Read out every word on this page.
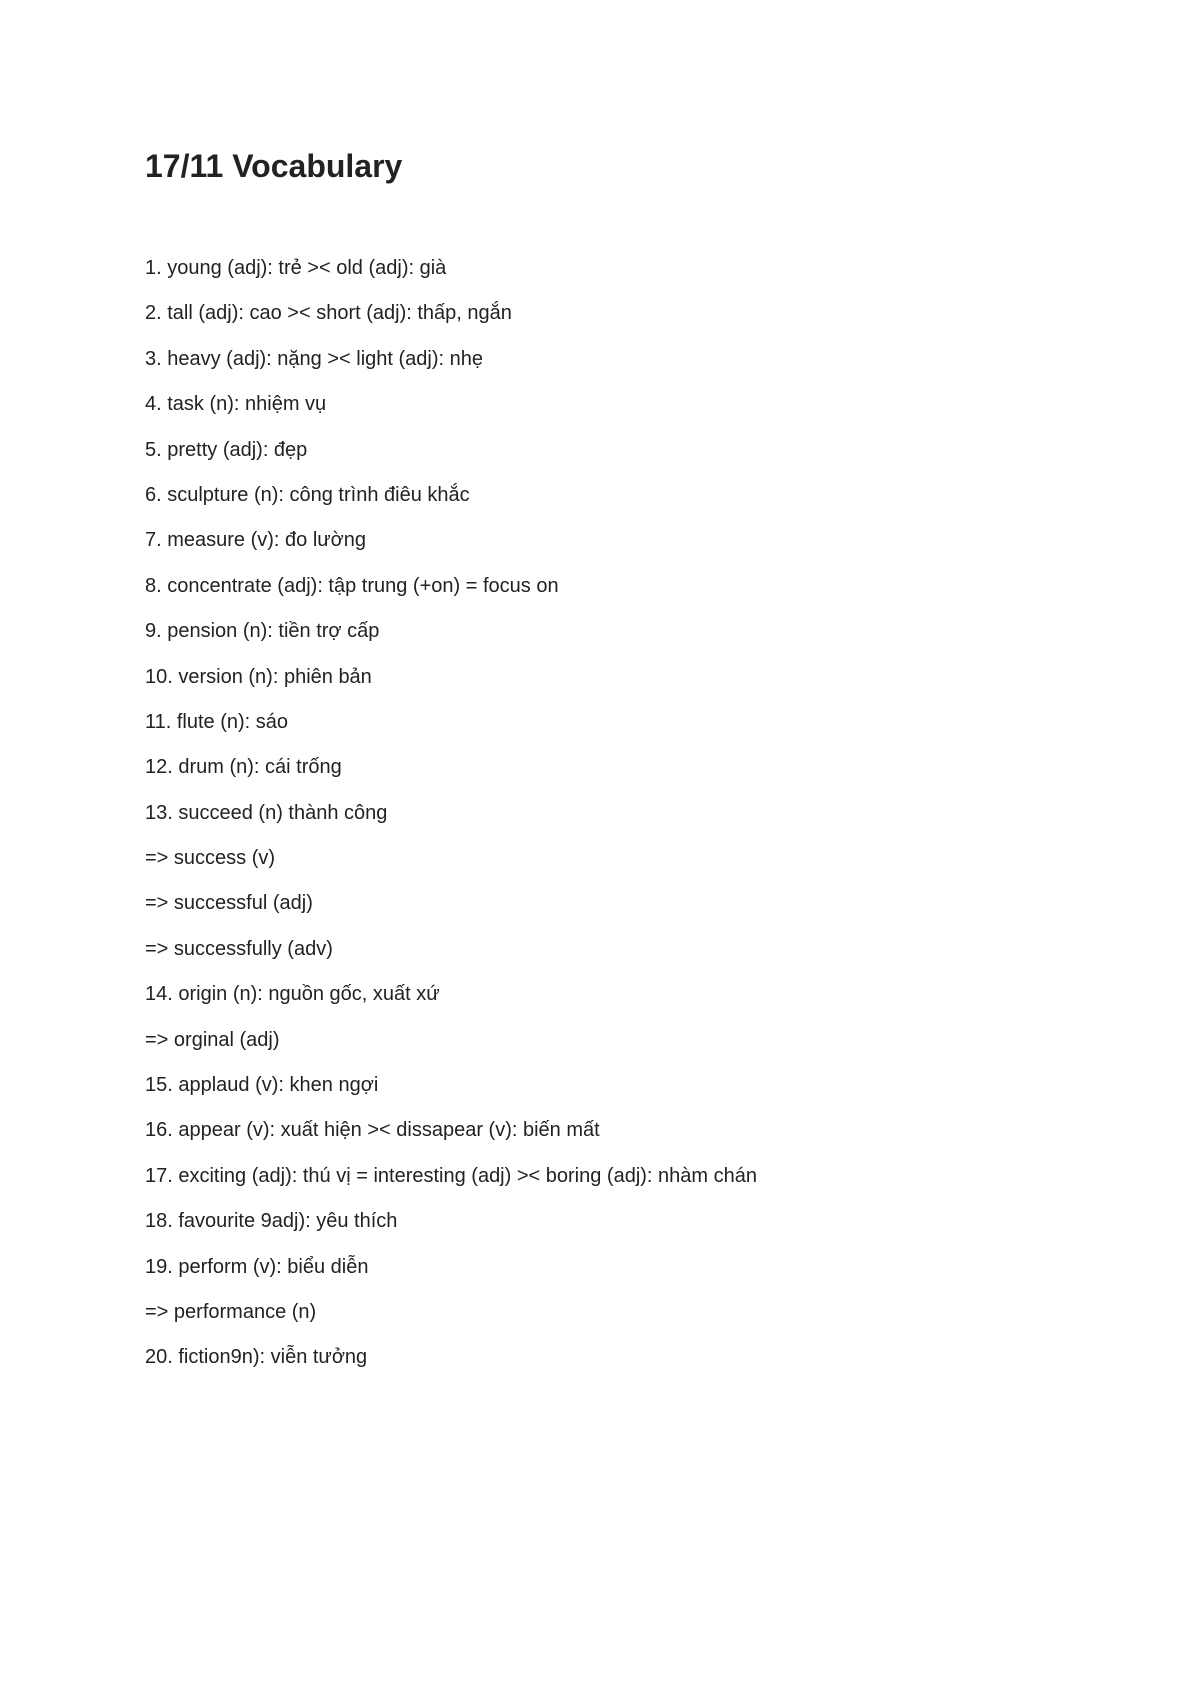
17/11 Vocabulary
1. young (adj): trẻ >< old (adj): già
2. tall (adj): cao >< short (adj): thấp, ngắn
3. heavy (adj): nặng >< light (adj): nhẹ
4. task (n): nhiệm vụ
5. pretty (adj): đẹp
6. sculpture (n): công trình điêu khắc
7. measure (v): đo lường
8. concentrate (adj): tập trung (+on) = focus on
9. pension (n): tiền trợ cấp
10. version (n): phiên bản
11. flute (n): sáo
12. drum (n): cái trống
13. succeed (n) thành công
=> success (v)
=> successful (adj)
=> successfully (adv)
14. origin (n): nguồn gốc, xuất xứ
=> orginal (adj)
15. applaud (v): khen ngợi
16. appear (v): xuất hiện >< dissapear (v): biến mất
17. exciting (adj): thú vị = interesting (adj) >< boring (adj): nhàm chán
18. favourite 9adj): yêu thích
19. perform (v): biểu diễn
=> performance (n)
20. fiction9n): viễn tưởng
